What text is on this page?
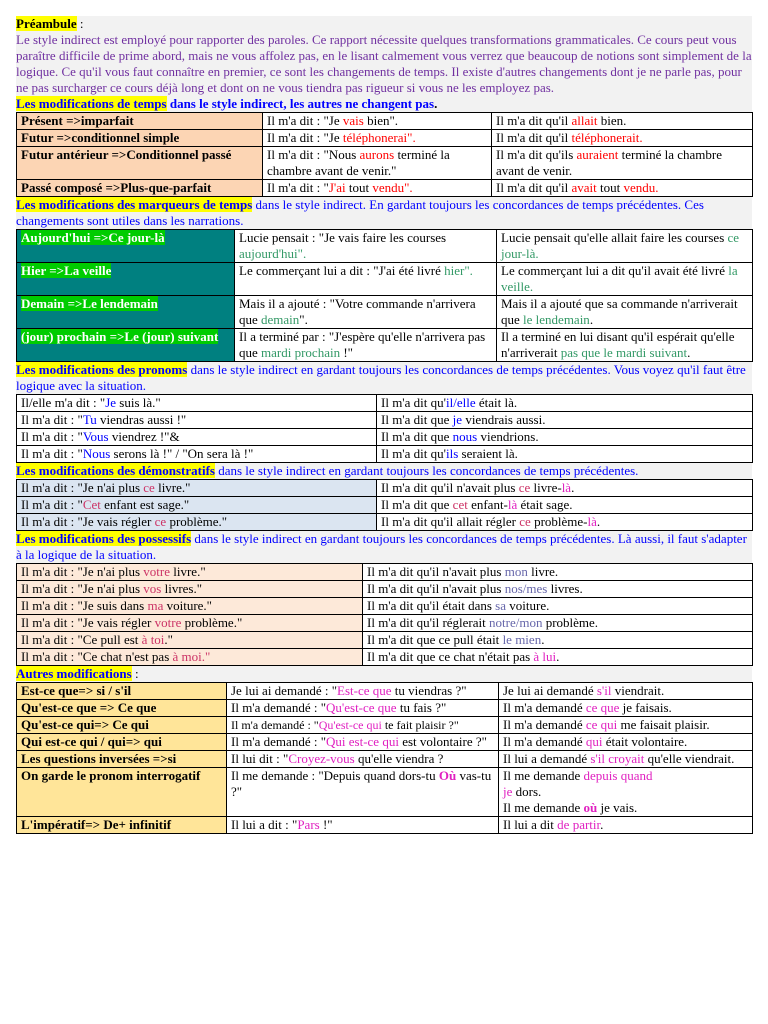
Préambule :
Le style indirect est employé pour rapporter des paroles. Ce rapport nécessite quelques transformations grammaticales. Ce cours peut vous paraître difficile de prime abord, mais ne vous affolez pas, en le lisant calmement vous verrez que beaucoup de notions sont simplement de la logique. Ce qu'il vous faut connaître en premier, ce sont les changements de temps. Il existe d'autres changements dont je ne parle pas, pour ne pas surcharger ce cours déjà long et dont on ne vous tiendra pas rigueur si vous ne les employez pas.
Les modifications de temps dans le style indirect, les autres ne changent pas.
Présent =>imparfait	Il m'a dit : "Je vais bien".	Il m'a dit qu'il allait bien.
Futur =>conditionnel simple	Il m'a dit : "Je téléphonerai".	Il m'a dit qu'il téléphonerait.
Futur antérieur =>Conditionnel passé	Il m'a dit : "Nous aurons terminé la chambre avant de venir."	Il m'a dit qu'ils auraient terminé la chambre avant de venir.
Passé composé =>Plus-que-parfait	Il m'a dit : "J'ai tout vendu".	Il m'a dit qu'il avait tout vendu.
Les modifications des marqueurs de temps dans le style indirect. En gardant toujours les concordances de temps précédentes. Ces changements sont utiles dans les narrations.
Aujourd'hui =>Ce jour-là	Lucie pensait : "Je vais faire les courses aujourd'hui".	Lucie pensait qu'elle allait faire les courses ce jour-là.
Hier =>La veille	Le commerçant lui a dit : "J'ai été livré hier".	Le commerçant lui a dit qu'il avait été livré la veille.
Demain =>Le lendemain	Mais il a ajouté : "Votre commande n'arrivera que demain".	Mais il a ajouté que sa commande n'arriverait que le lendemain.
(jour) prochain =>Le (jour) suivant	Il a terminé par : "J'espère qu'elle n'arrivera pas que mardi prochain !"	Il a terminé en lui disant qu'il espérait qu'elle n'arriverait pas que le mardi suivant.
Les modifications des pronoms dans le style indirect en gardant toujours les concordances de temps précédentes. Vous voyez qu'il faut être logique avec la situation.
Il/elle m'a dit : "Je suis là."	Il m'a dit qu'il/elle était là.
Il m'a dit : "Tu viendras aussi !"	Il m'a dit que je viendrais aussi.
Il m'a dit : "Vous viendrez !"&	Il m'a dit que nous viendrions.
Il m'a dit : "Nous serons là !" / "On sera là !"	Il m'a dit qu'ils seraient là.
Les modifications des démonstratifs dans le style indirect en gardant toujours les concordances de temps précédentes.
Il m'a dit : "Je n'ai plus ce livre."	Il m'a dit qu'il n'avait plus ce livre-là.
Il m'a dit : "Cet enfant est sage."	Il m'a dit que cet enfant-là était sage.
Il m'a dit : "Je vais régler ce problème."	Il m'a dit qu'il allait régler ce problème-là.
Les modifications des possessifs dans le style indirect en gardant toujours les concordances de temps précédentes. Là aussi, il faut s'adapter à la logique de la situation.
Il m'a dit : "Je n'ai plus votre livre."	Il m'a dit qu'il n'avait plus mon livre.
Il m'a dit : "Je n'ai plus vos livres."	Il m'a dit qu'il n'avait plus nos/mes livres.
Il m'a dit : "Je suis dans ma voiture."	Il m'a dit qu'il était dans sa voiture.
Il m'a dit : "Je vais régler votre problème."	Il m'a dit qu'il réglerait notre/mon problème.
Il m'a dit : "Ce pull est à toi."	Il m'a dit que ce pull était le mien.
Il m'a dit : "Ce chat n'est pas à moi."	Il m'a dit que ce chat n'était pas à lui.
Autres modifications :
Est-ce que=> si / s'il	Je lui ai demandé : "Est-ce que tu viendras ?"	Je lui ai demandé s'il viendrait.
Qu'est-ce que => Ce que	Il m'a demandé : "Qu'est-ce que tu fais ?"	Il m'a demandé ce que je faisais.
Qu'est-ce qui=> Ce qui	Il m'a demandé : "Qu'est-ce qui te fait plaisir ?"	Il m'a demandé ce qui me faisait plaisir.
Qui est-ce qui / qui=> qui	Il m'a demandé : "Qui est-ce qui est volontaire ?"	Il m'a demandé qui était volontaire.
Les questions inversées =>si	Il lui dit : "Croyez-vous qu'elle viendra ?	Il lui a demandé s'il croyait qu'elle viendrait.
On garde le pronom interrogatif	Il me demande : "Depuis quand dors-tu Où vas-tu ?"	Il me demande depuis quand
je dors.
Il me demande où je vais.
L'impératif=> De+ infinitif	Il lui a dit : "Pars !"	Il lui a dit de partir.
